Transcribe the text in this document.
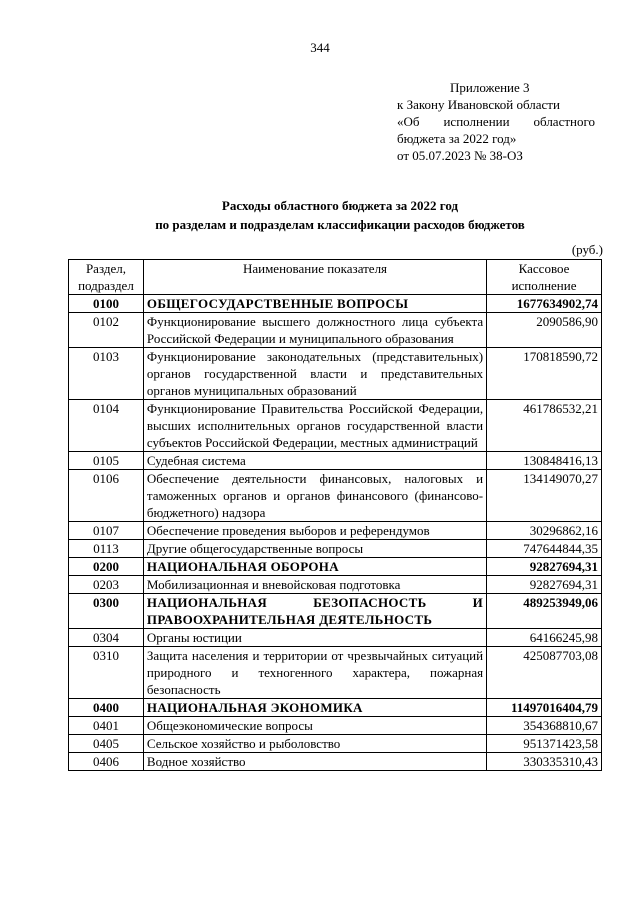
344
Приложение 3
к Закону Ивановской области
«Об исполнении областного
бюджета за 2022 год»
от 05.07.2023 № 38-ОЗ
Расходы областного бюджета за 2022 год
по разделам и подразделам классификации расходов бюджетов
(руб.)
Раздел, подраздел	Наименование показателя	Кассовое исполнение
0100	ОБЩЕГОСУДАРСТВЕННЫЕ ВОПРОСЫ	1677634902,74
0102	Функционирование высшего должностного лица субъекта Российской Федерации и муниципального образования	2090586,90
0103	Функционирование законодательных (представительных) органов государственной власти и представительных органов муниципальных образований	170818590,72
0104	Функционирование Правительства Российской Федерации, высших исполнительных органов государственной власти субъектов Российской Федерации, местных администраций	461786532,21
0105	Судебная система	130848416,13
0106	Обеспечение деятельности финансовых, налоговых и таможенных органов и органов финансового (финансово-бюджетного) надзора	134149070,27
0107	Обеспечение проведения выборов и референдумов	30296862,16
0113	Другие общегосударственные вопросы	747644844,35
0200	НАЦИОНАЛЬНАЯ ОБОРОНА	92827694,31
0203	Мобилизационная и вневойсковая подготовка	92827694,31
0300	НАЦИОНАЛЬНАЯ БЕЗОПАСНОСТЬ И ПРАВООХРАНИТЕЛЬНАЯ ДЕЯТЕЛЬНОСТЬ	489253949,06
0304	Органы юстиции	64166245,98
0310	Защита населения и территории от чрезвычайных ситуаций природного и техногенного характера, пожарная безопасность	425087703,08
0400	НАЦИОНАЛЬНАЯ ЭКОНОМИКА	11497016404,79
0401	Общеэкономические вопросы	354368810,67
0405	Сельское хозяйство и рыболовство	951371423,58
0406	Водное хозяйство	330335310,43
